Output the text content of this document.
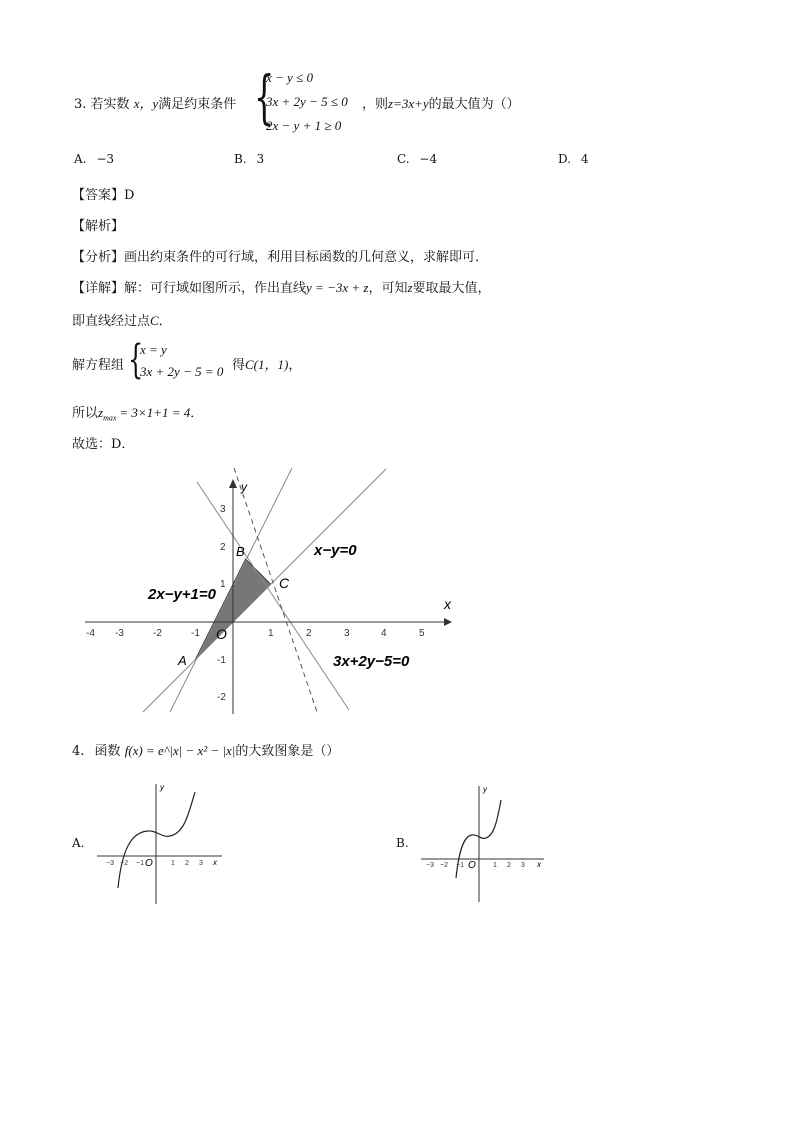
3. 若实数 x，y满足约束条件 {
x − y ≤ 0
3x + 2y − 5 ≤ 0
2x − y + 1 ≥ 0
，则z=3x+y的最大值为（）
A. −3	B. 3	C. −4	D. 4
【答案】D
【解析】
【分析】画出约束条件的可行域，利用目标函数的几何意义，求解即可．
【详解】解：可行域如图所示，作出直线y = −3x + z，可知z要取最大值，
即直线经过点C．
解方程组 {
x = y
3x + 2y − 5 = 0 得C(1，1)，
所以$z_{max} = 3\times 1+1 = 4$．
故选：D．
-4 -3	-2	-1	1	2	3	4	5
3
2
1
-1
-2
x
y
O
A
B
C
x−y=0
2x−y+1=0
3x+2y−5=0
4. 函数 f(x) = e^|x| − x² − |x|的大致图象是（）
A.	B.
−3 −2 −1	1 2 3 x
y
O	−3 −2 −1	1 2 3 x
y
O
